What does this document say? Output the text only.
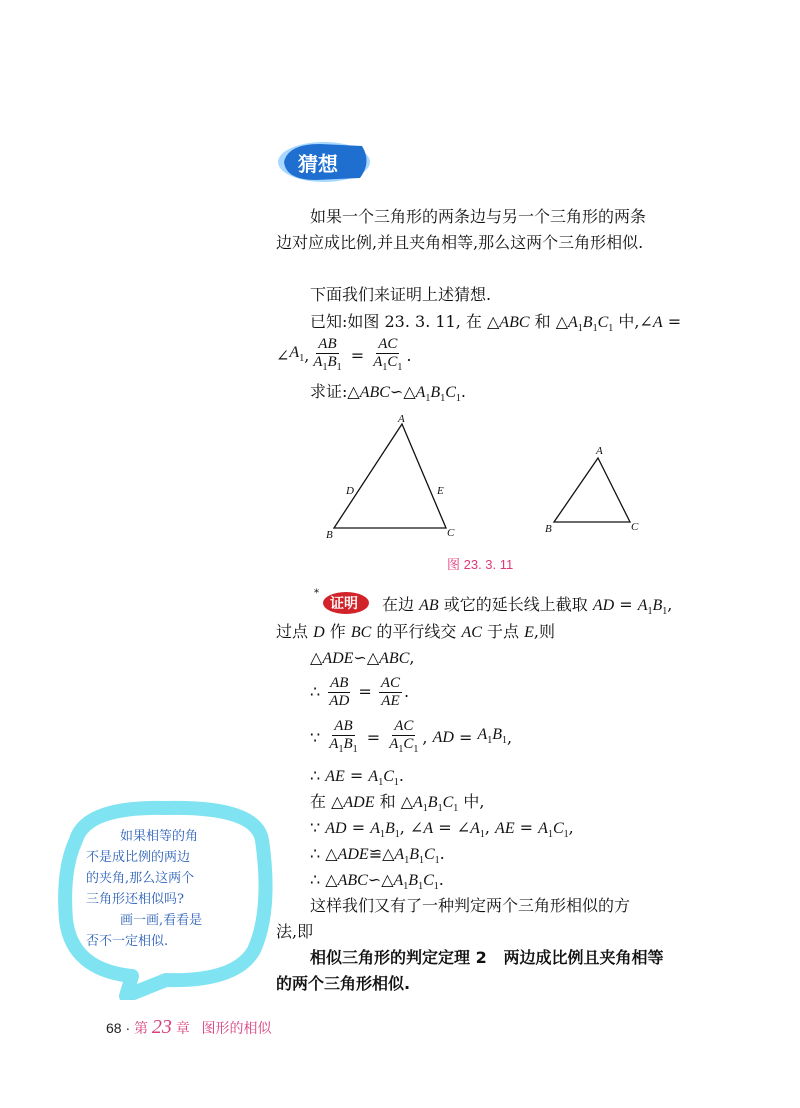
猜想
如果一个三角形的两条边与另一个三角形的两条
边对应成比例,并且夹角相等,那么这两个三角形相似.
下面我们来证明上述猜想.
已知:如图 23. 3. 11, 在 △ABC 和 $\triangle A_1B_1C_1$ 中,∠A =
∠ $A_1$ , $\frac{AB}{A_1B_1} = \frac{AC}{A_1C_1}$ .
求证$:\triangle ABC∽\triangle A_1B_1C_1$.
A
B	C
D	E
A
B	C
图 23. 3. 11
*
证明 在边 AB 或它的延长线上截取 AD = $A_1B_1$,
过点 D 作 BC 的平行线交 AC 于点 E,则
△ADE∽△ABC,
∴
$\frac{AB}{AD} = \frac{AC}{AE}$ .
∵
$\frac{AB}{A_1B_1} = \frac{AC}{A_1C_1}$ , AD = $A_1B_1$ ,
∴ AE = $A_1C_1$.
在 △ADE 和 $\triangle A_1B_1C_1$ 中,
∵ AD = $A_1B_1$, ∠A = $\angle A_1$, AE = $A_1C_1$,
∴ $\triangle ADE≌\triangle A_1B_1C_1$.
∴ $\triangle ABC∽\triangle A_1B_1C_1$.
这样我们又有了一种判定两个三角形相似的方
法,即
相似三角形的判定定理 2 两边成比例且夹角相等
的两个三角形相似.
如果相等的角
不是成比例的两边
的夹角,那么这两个
三角形还相似吗?
画一画,看看是
否不一定相似.
68 · 第 23 章 图形的相似
